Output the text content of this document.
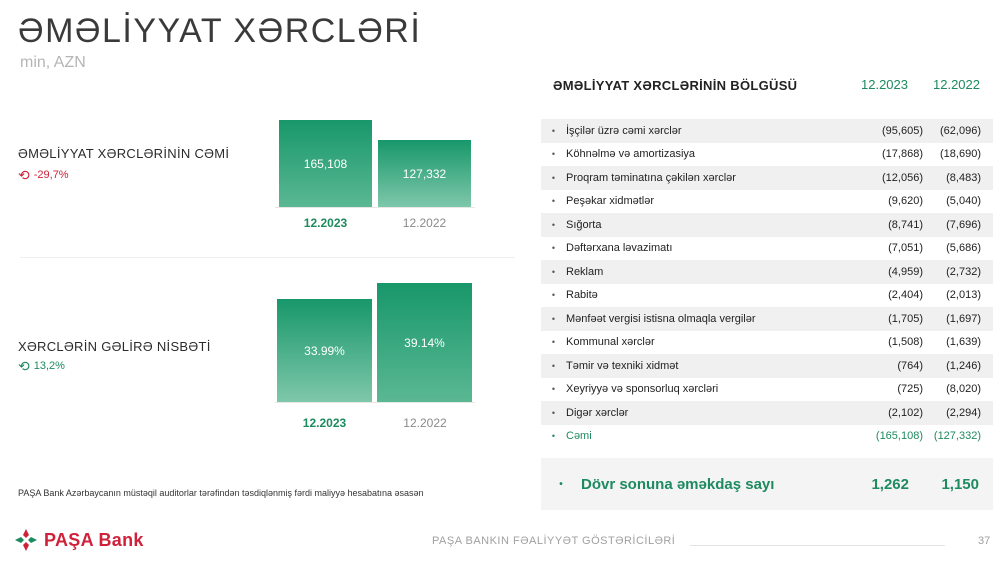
ƏMƏLİYYAT XƏRCLƏRİ
min, AZN
ƏMƏLİYYAT XƏRCLƏRİNİN CƏMİ
⟲ -29,7%
165,108
127,332
12.2023	12.2022
XƏRCLƏRİN GƏLİRƏ NİSBƏTİ
⟲ 13,2%
33.99%
39.14%
12.2023	12.2022
PAŞA Bank Azərbaycanın müstəqil auditorlar tərəfindən təsdiqlənmiş fərdi maliyyə hesabatına əsasən
ƏMƏLİYYAT XƏRCLƏRİNİN BÖLGÜSÜ	12.2023	12.2022
• İşçilər üzrə cəmi xərclər	(95,605)	(62,096)
• Köhnəlmə və amortizasiya	(17,868)	(18,690)
• Proqram təminatına çəkilən xərclər	(12,056)	(8,483)
• Peşəkar xidmətlər	(9,620)	(5,040)
• Sığorta	(8,741)	(7,696)
• Dəftərxana ləvazimatı	(7,051)	(5,686)
• Reklam	(4,959)	(2,732)
• Rabitə	(2,404)	(2,013)
• Mənfəət vergisi istisna olmaqla vergilər	(1,705)	(1,697)
• Kommunal xərclər	(1,508)	(1,639)
• Təmir və texniki xidmət	(764)	(1,246)
• Xeyriyyə və sponsorluq xərcləri	(725)	(8,020)
• Digər xərclər	(2,102)	(2,294)
• Cəmi	(165,108) (127,332)
•	Dövr sonuna əməkdaş sayı	1,262	1,150
PAŞA Bank	PAŞA BANKIN FƏALİYYƏT GÖSTƏRİCİLƏRİ	37
